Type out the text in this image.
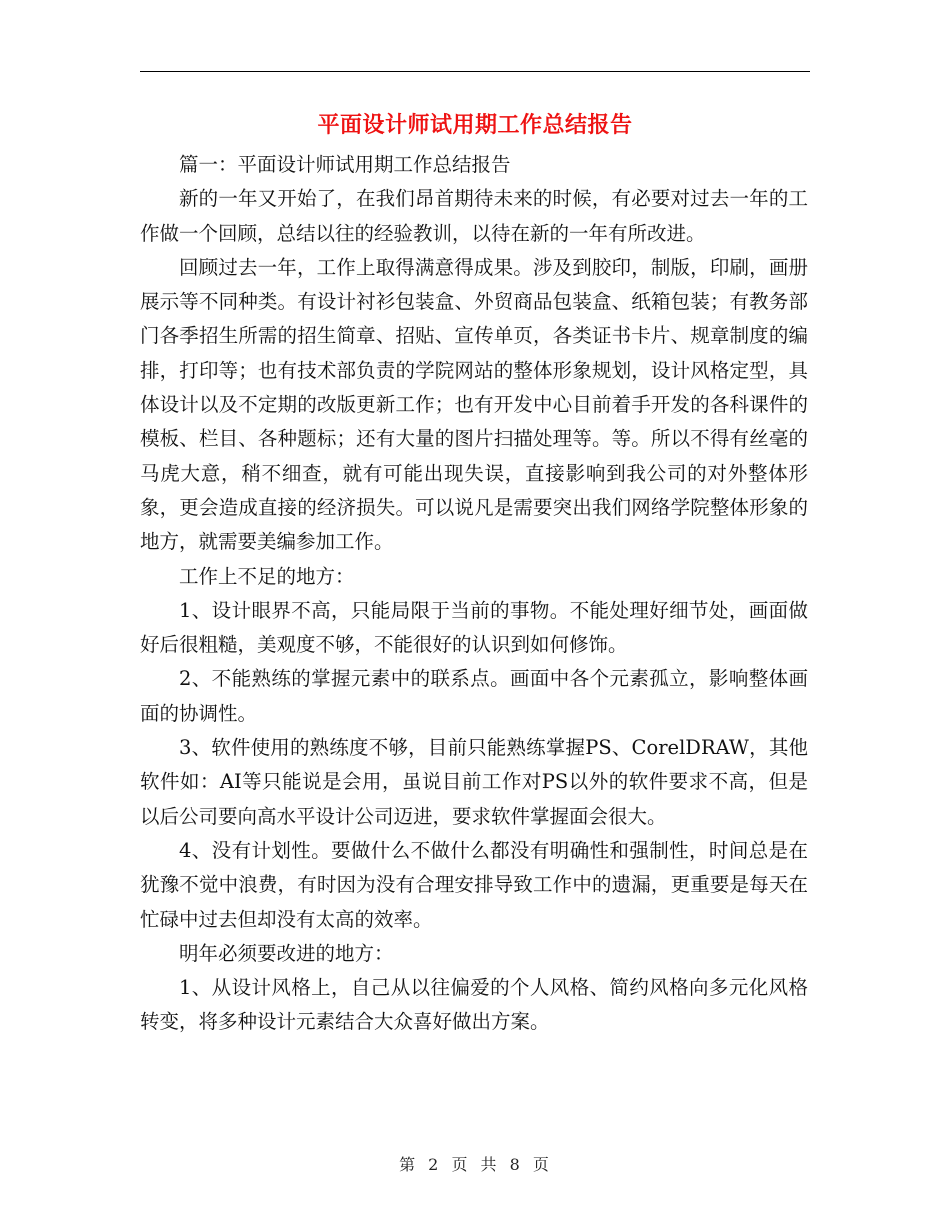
平面设计师试用期工作总结报告

篇一：平面设计师试用期工作总结报告

新的一年又开始了，在我们昂首期待未来的时候，有必要对过去一年的工作做一个回顾，总结以往的经验教训，以待在新的一年有所改进。

回顾过去一年，工作上取得满意得成果。涉及到胶印，制版，印刷，画册展示等不同种类。有设计衬衫包装盒、外贸商品包装盒、纸箱包装；有教务部门各季招生所需的招生简章、招贴、宣传单页，各类证书卡片、规章制度的编排，打印等；也有技术部负责的学院网站的整体形象规划，设计风格定型，具体设计以及不定期的改版更新工作；也有开发中心目前着手开发的各科课件的模板、栏目、各种题标；还有大量的图片扫描处理等。等。所以不得有丝毫的马虎大意，稍不细查，就有可能出现失误，直接影响到我公司的对外整体形象，更会造成直接的经济损失。可以说凡是需要突出我们网络学院整体形象的地方，就需要美编参加工作。

工作上不足的地方：

1、设计眼界不高，只能局限于当前的事物。不能处理好细节处，画面做好后很粗糙，美观度不够，不能很好的认识到如何修饰。

2、不能熟练的掌握元素中的联系点。画面中各个元素孤立，影响整体画面的协调性。

3、软件使用的熟练度不够，目前只能熟练掌握PS、CorelDRAW，其他软件如：AI等只能说是会用，虽说目前工作对PS以外的软件要求不高，但是以后公司要向高水平设计公司迈进，要求软件掌握面会很大。

4、没有计划性。要做什么不做什么都没有明确性和强制性，时间总是在犹豫不觉中浪费，有时因为没有合理安排导致工作中的遗漏，更重要是每天在忙碌中过去但却没有太高的效率。

明年必须要改进的地方：

1、从设计风格上，自己从以往偏爱的个人风格、简约风格向多元化风格转变，将多种设计元素结合大众喜好做出方案。

第 2 页 共 8 页
